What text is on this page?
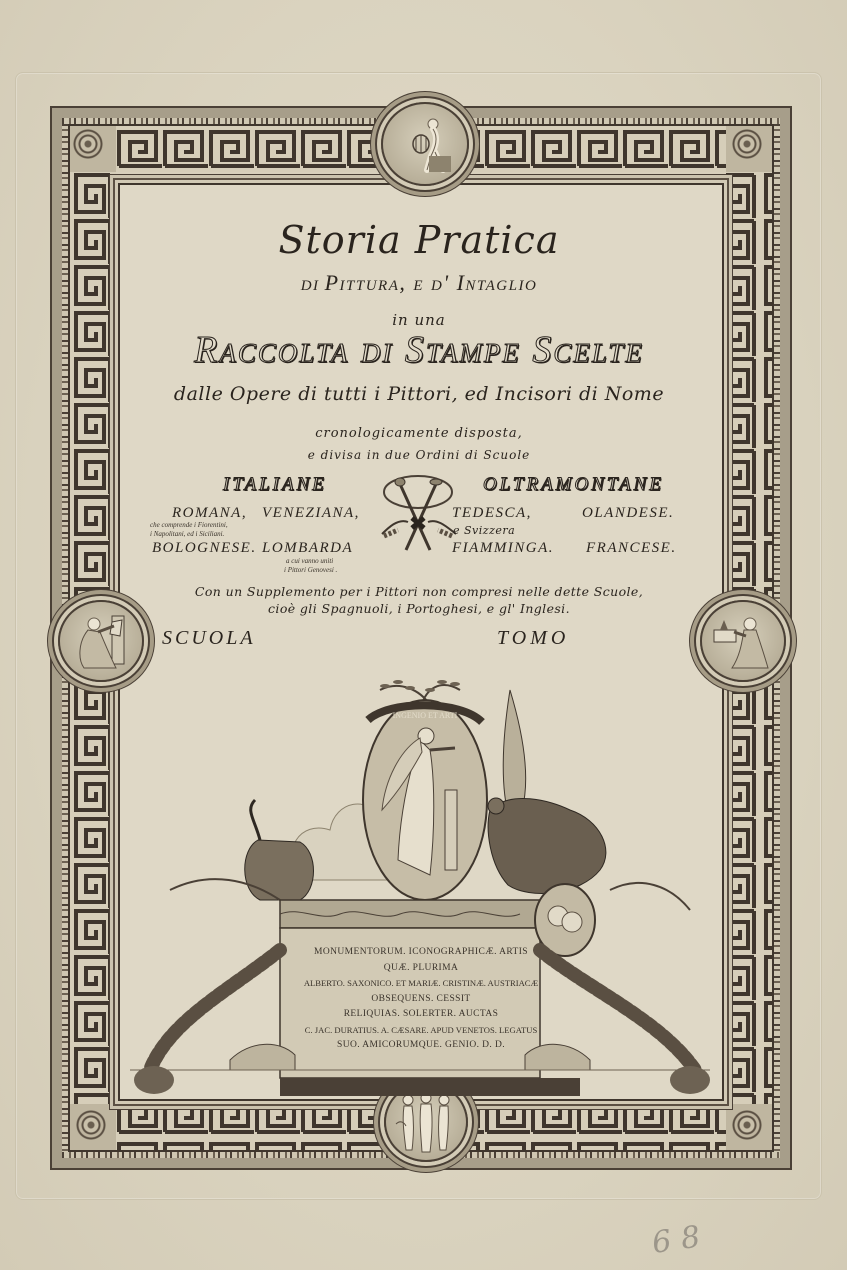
Storia Pratica
di Pittura, e d' Intaglio
in una
Raccolta di Stampe Scelte
dalle Opere di tutti i Pittori, ed Incisori di Nome
cronologicamente disposta,
e divisa in due Ordini di Scuole
ITALIANE	OLTRAMONTANE
ROMANA,
che comprende i Fiorentini,
i Napolitani, ed i Siciliani.
VENEZIANA,
BOLOGNESE. LOMBARDA
a cui vanno uniti
i Pittori Genovesi .
TEDESCA,
e Svizzera
OLANDESE.
FIAMMINGA. FRANCESE.
Con un Supplemento per i Pittori non compresi nelle dette Scuole,
cioè gli Spagnuoli, i Portoghesi, e gl' Inglesi.
SCUOLA	TOMO
INGENIO ET ARTI
MONUMENTORUM. ICONOGRAPHICÆ. ARTIS
QUÆ. PLURIMA
ALBERTO. SAXONICO. ET MARIÆ. CRISTINÆ. AUSTRIACÆ
OBSEQUENS. CESSIT
RELIQUIAS. SOLERTER. AUCTAS
C. JAC. DURATIUS. A. CÆSARE. APUD VENETOS. LEGATUS
SUO. AMICORUMQUE. GENIO. D. D.
68
